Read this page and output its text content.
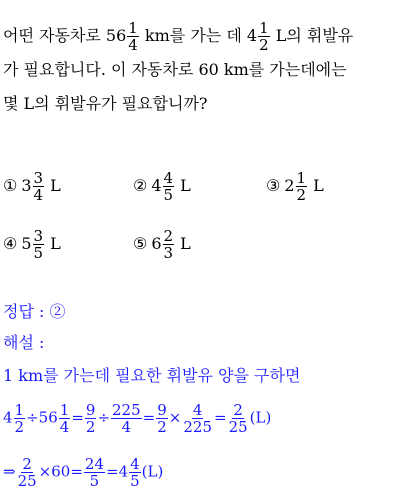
어떤 자동차로 $56 \frac{1}{4}$ km를 가는 데 $4 \frac{1}{2}$ L의 휘발유
가 필요합니다. 이 자동차로 60 km를 가는데에는
몇 L의 휘발유가 필요합니까?
① $3 \frac{3}{4}$ L	② $4 \frac{4}{5}$ L	③ $2 \frac{1}{2}$ L
④ $5 \frac{3}{5}$ L	⑤ $6 \frac{2}{3}$ L
정답 : ②
해설 :
1 km를 가는데 필요한 휘발유 양을 구하면
$4 \frac{1}{2} \div 56 \frac{1}{4} = \frac{9}{2} \div \frac{225}{4} = \frac{9}{2} \times \frac{4}{225} = \frac{2}{25} (L)$
⇒ $\frac{2}{25} \times 60= \frac{24}{5} =4 \frac{4}{5} (L)$
